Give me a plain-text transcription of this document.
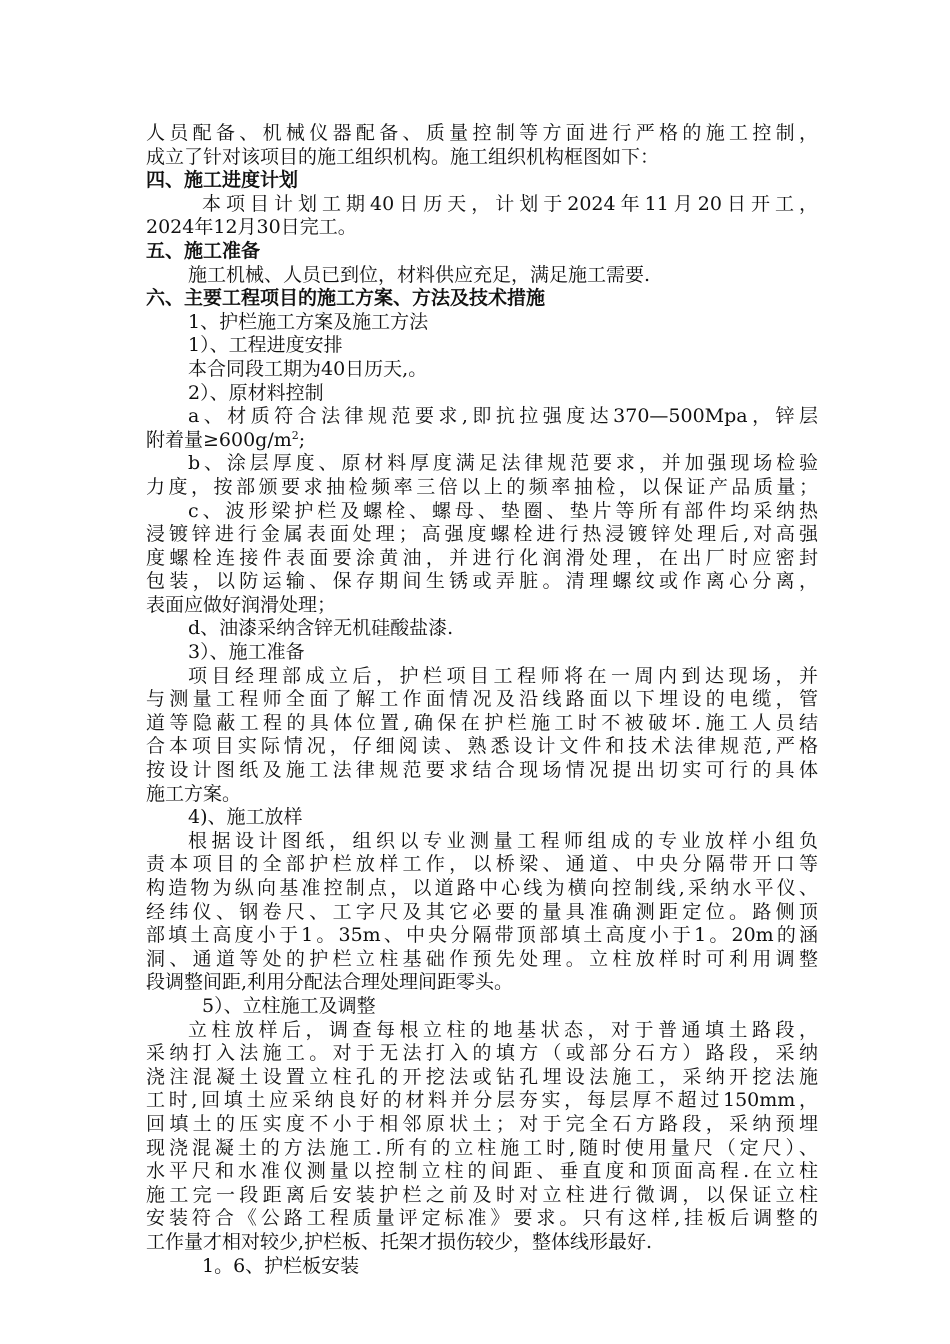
人员配备、机械仪器配备、质量控制等方面进行严格的施工控制，
成立了针对该项目的施工组织机构。施工组织机构框图如下：
四、施工进度计划
本项目计划工期40日历天，计划于2024年11月20日开工，
2024年12月30日完工。
五、施工准备
施工机械、人员已到位，材料供应充足，满足施工需要.
六、主要工程项目的施工方案、方法及技术措施
1、护栏施工方案及施工方法
1）、工程进度安排
本合同段工期为40日历天,。
2）、原材料控制
a、材质符合法律规范要求,即抗拉强度达370—500Mpa，锌层
附着量$\ge 600g/m^2$;
b、涂层厚度、原材料厚度满足法律规范要求，并加强现场检验
力度，按部颁要求抽检频率三倍以上的频率抽检，以保证产品质量；
c、波形梁护栏及螺栓、螺母、垫圈、垫片等所有部件均采纳热
浸镀锌进行金属表面处理；高强度螺栓进行热浸镀锌处理后,对高强
度螺栓连接件表面要涂黄油，并进行化润滑处理，在出厂时应密封
包装，以防运输、保存期间生锈或弄脏。清理螺纹或作离心分离，
表面应做好润滑处理；
d、油漆采纳含锌无机硅酸盐漆.
3）、施工准备
项目经理部成立后，护栏项目工程师将在一周内到达现场，并
与测量工程师全面了解工作面情况及沿线路面以下埋设的电缆，管
道等隐蔽工程的具体位置,确保在护栏施工时不被破坏.施工人员结
合本项目实际情况，仔细阅读、熟悉设计文件和技术法律规范,严格
按设计图纸及施工法律规范要求结合现场情况提出切实可行的具体
施工方案。
4)、施工放样
根据设计图纸，组织以专业测量工程师组成的专业放样小组负
责本项目的全部护栏放样工作，以桥梁、通道、中央分隔带开口等
构造物为纵向基准控制点，以道路中心线为横向控制线,采纳水平仪、
经纬仪、钢卷尺、工字尺及其它必要的量具准确测距定位。路侧顶
部填土高度小于1。35m、中央分隔带顶部填土高度小于1。20m的涵
洞、通道等处的护栏立柱基础作预先处理。立柱放样时可利用调整
段调整间距,利用分配法合理处理间距零头。
5）、立柱施工及调整
立柱放样后，调查每根立柱的地基状态，对于普通填土路段，
采纳打入法施工。对于无法打入的填方（或部分石方）路段，采纳
浇注混凝土设置立柱孔的开挖法或钻孔埋设法施工，采纳开挖法施
工时,回填土应采纳良好的材料并分层夯实，每层厚不超过150mm，
回填土的压实度不小于相邻原状土；对于完全石方路段，采纳预埋
现浇混凝土的方法施工.所有的立柱施工时,随时使用量尺（定尺）、
水平尺和水准仪测量以控制立柱的间距、垂直度和顶面高程.在立柱
施工完一段距离后安装护栏之前及时对立柱进行微调，以保证立柱
安装符合《公路工程质量评定标准》要求。只有这样,挂板后调整的
工作量才相对较少,护栏板、托架才损伤较少，整体线形最好.
1。6、护栏板安装
